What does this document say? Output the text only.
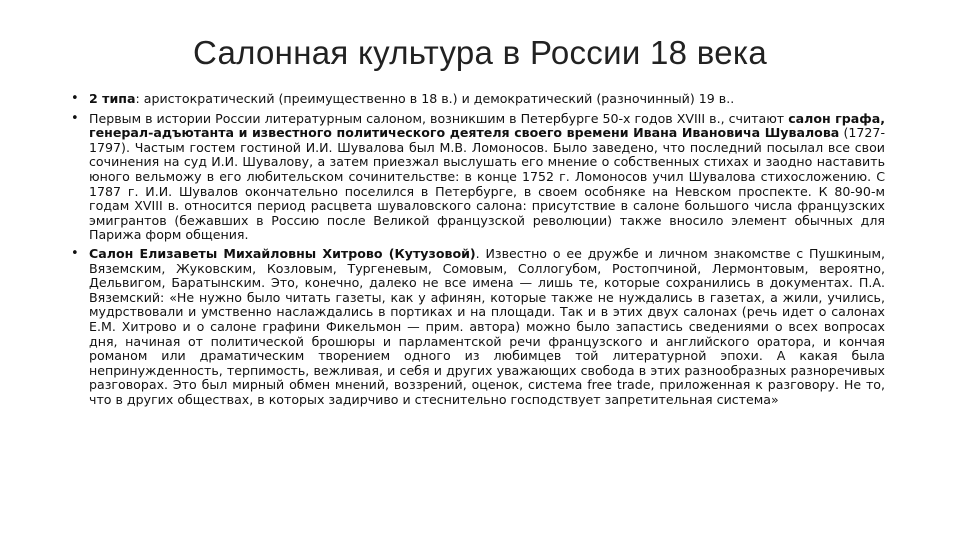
Салонная культура в России 18 века
• 2 типа: аристократический (преимущественно в 18 в.) и демократический (разночинный) 19 в..
• Первым в истории России литературным салоном, возникшим в Петербурге 50-х годов XVIII в., считают салон графа, генерал-адъютанта и известного политического деятеля своего времени Ивана Ивановича Шувалова (1727-1797). Частым гостем гостиной И.И. Шувалова был М.В. Ломоносов. Было заведено, что последний посылал все свои сочинения на суд И.И. Шувалову, а затем приезжал выслушать его мнение о собственных стихах и заодно наставить юного вельможу в его любительском сочинительстве: в конце 1752 г. Ломоносов учил Шувалова стихосложению. С 1787 г. И.И. Шувалов окончательно поселился в Петербурге, в своем особняке на Невском проспекте. К 80-90-м годам XVIII в. относится период расцвета шуваловского салона: присутствие в салоне большого числа французских эмигрантов (бежавших в Россию после Великой французской революции) также вносило элемент обычных для Парижа форм общения.
• Салон Елизаветы Михайловны Хитрово (Кутузовой). Известно о ее дружбе и личном знакомстве с Пушкиным, Вяземским, Жуковским, Козловым, Тургеневым, Сомовым, Соллогубом, Ростопчиной, Лермонтовым, вероятно, Дельвигом, Баратынским. Это, конечно, далеко не все имена — лишь те, которые сохранились в документах. П.А. Вяземский: «Не нужно было читать газеты, как у афинян, которые также не нуждались в газетах, а жили, учились, мудрствовали и умственно наслаждались в портиках и на площади. Так и в этих двух салонах (речь идет о салонах Е.М. Хитрово и о салоне графини Фикельмон — прим. автора) можно было запастись сведениями о всех вопросах дня, начиная от политической брошюры и парламентской речи французского и английского оратора, и кончая романом или драматическим творением одного из любимцев той литературной эпохи. А какая была непринужденность, терпимость, вежливая, и себя и других уважающих свобода в этих разнообразных разноречивых разговорах. Это был мирный обмен мнений, воззрений, оценок, система free trade, приложенная к разговору. Не то, что в других обществах, в которых задирчиво и стеснительно господствует запретительная система»
